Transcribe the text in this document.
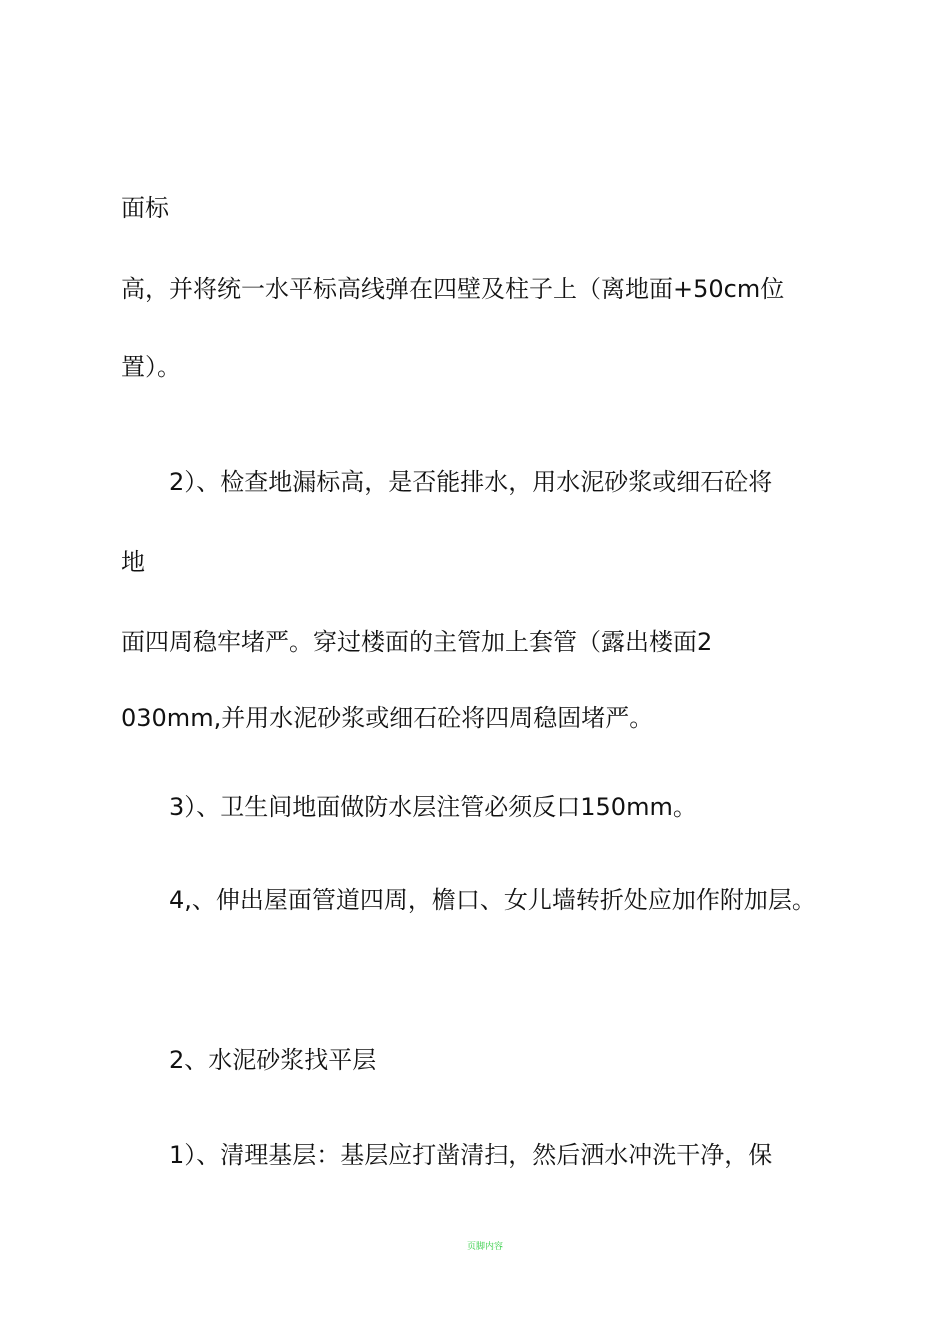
面标
高，并将统一水平标高线弹在四壁及柱子上（离地面+50cm位
置）。
2）、检查地漏标高，是否能排水，用水泥砂浆或细石砼将
地
面四周稳牢堵严。穿过楼面的主管加上套管（露出楼面2
030mm,并用水泥砂浆或细石砼将四周稳固堵严。
3）、卫生间地面做防水层注管必须反口150mm。
4,、伸出屋面管道四周，檐口、女儿墙转折处应加作附加层。
2、水泥砂浆找平层
1）、清理基层：基层应打凿清扫，然后洒水冲洗干净，保
页脚内容
